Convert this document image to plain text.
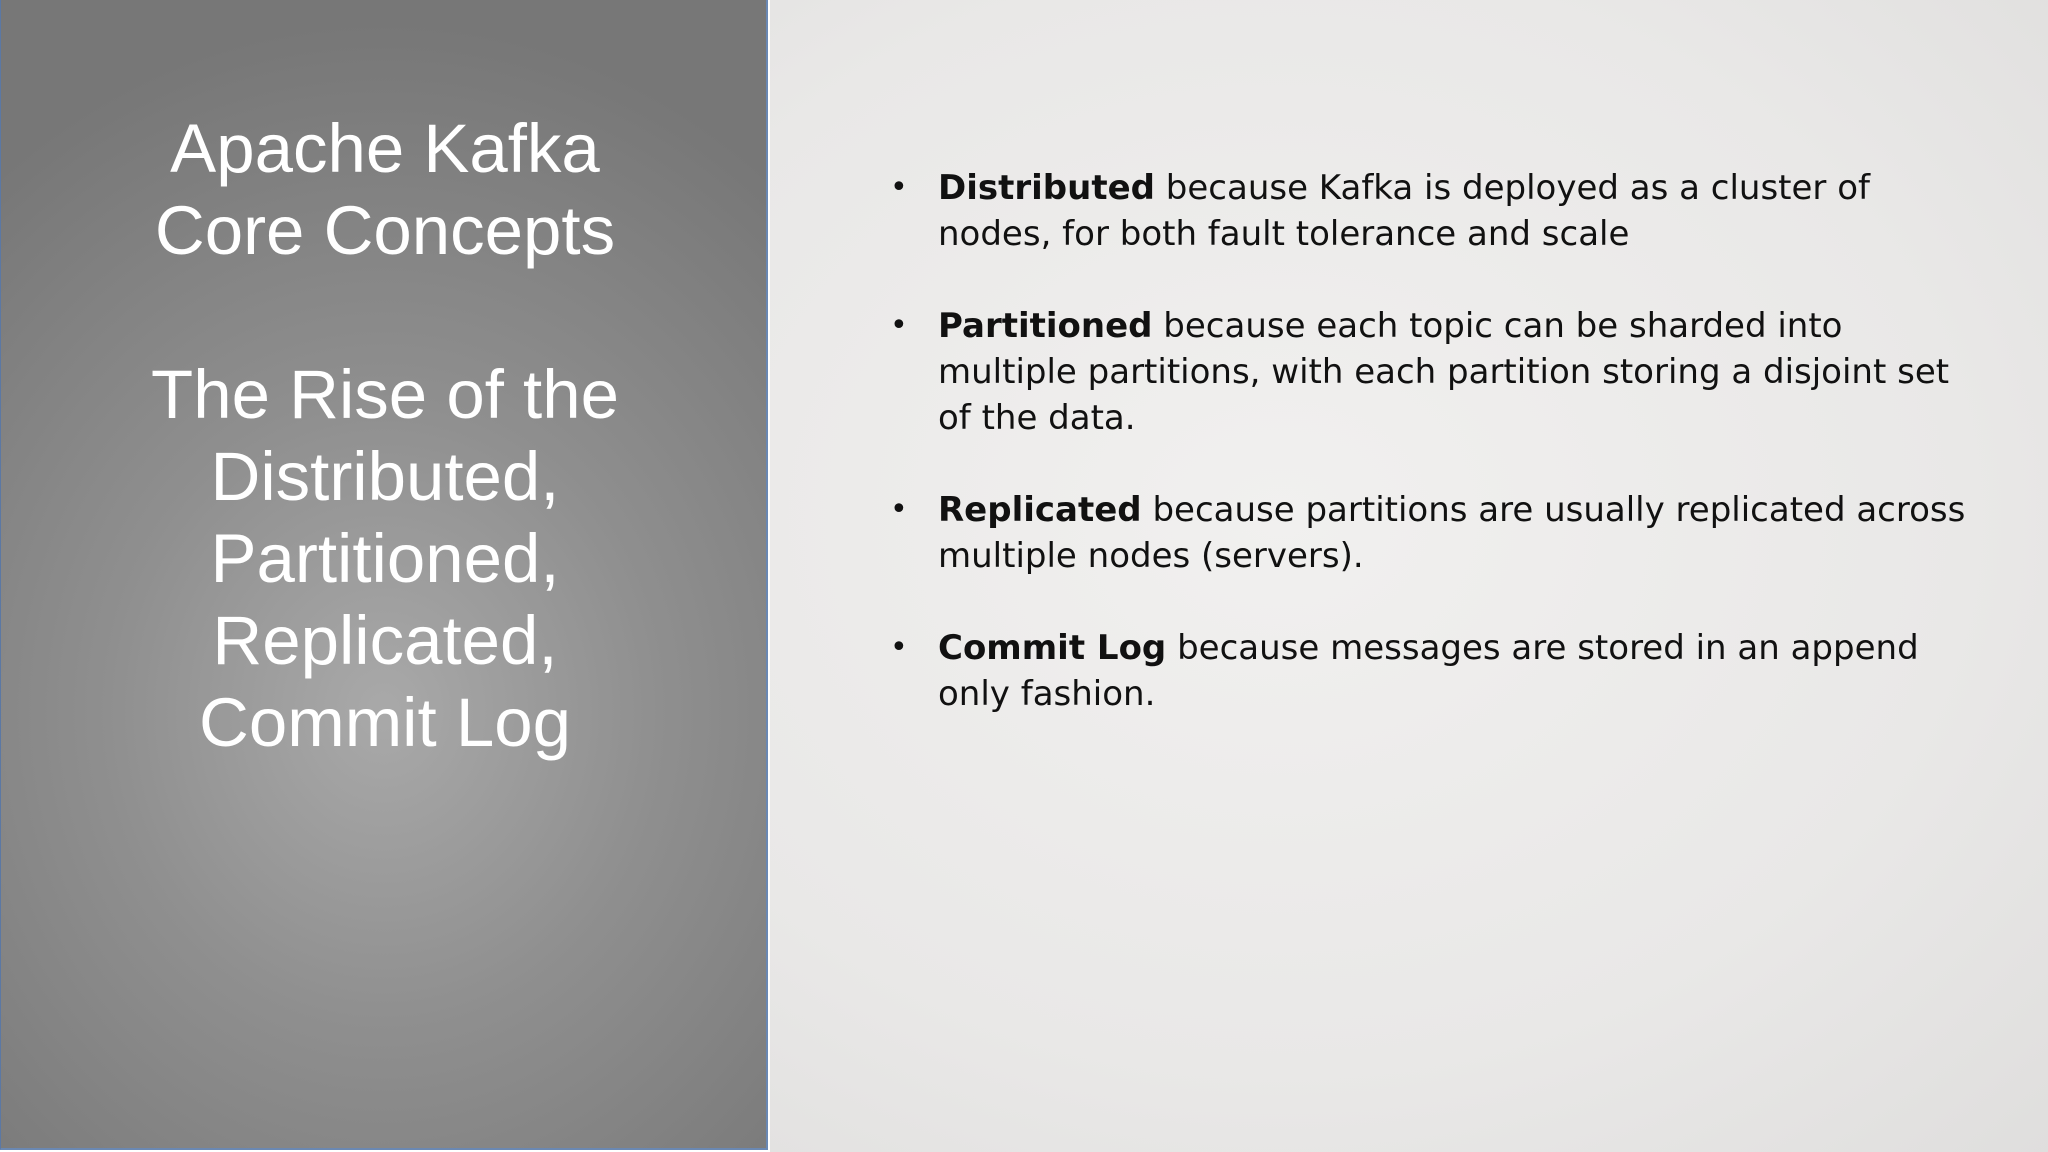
Apache Kafka
Core Concepts
The Rise of the
Distributed,
Partitioned,
Replicated,
Commit Log
• Distributed because Kafka is deployed as a cluster of nodes, for both fault tolerance and scale
• Partitioned because each topic can be sharded into multiple partitions, with each partition storing a disjoint set of the data.
• Replicated because partitions are usually replicated across multiple nodes (servers).
• Commit Log because messages are stored in an append only fashion.
